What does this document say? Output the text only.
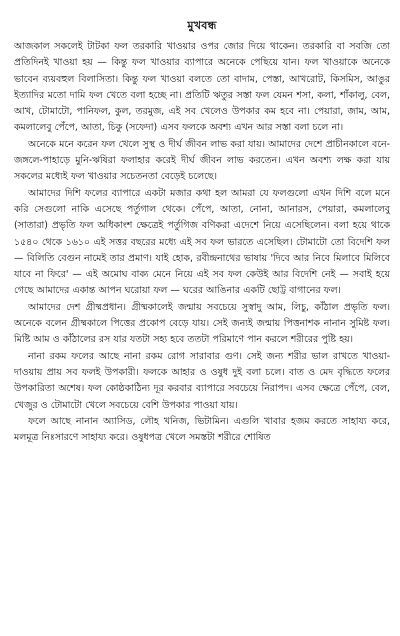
মুখবন্ধ

আজকাল সকলেই টাটকা ফল তরকারি খাওয়ার ওপর জোর দিয়ে থাকেন। তরকারি বা সবজি তো প্রতিদিনই খাওয়া হয় — কিন্তু ফল খাওয়ার ব্যাপারে অনেকে পেছিয়ে যান। ফল খাওয়াকে অনেকে ভাবেন ব্যয়বহুল বিলাসিতা। কিন্তু ফল খাওয়া বলতে তো বাদাম, পেস্তা, আখরোট, কিসমিস, আঙুর ইত্যাদির মতো দামি ফল খেতে বলা হচ্ছে না। প্রতিটি ঋতুর সস্তা ফল যেমন শসা, কলা, শাঁকালু, বেল, আখ, টোমাটো, পানিফল, কুল, তরমুজ, এই সব খেলেও উপকার কম হবে না। পেয়ারা, জাম, আম, কমলালেবু পেঁপে, আতা, চিকু (সফেদা) এসব ফলকে অবশ্য এখন আর সস্তা বলা চলে না।

অনেকে মনে করেন ফল খেলে সুস্থ ও দীর্ঘ জীবন লাভ করা যায়। আমাদের দেশে প্রাচীনকালে বনে-জঙ্গলে-পাহাড়ে মুনি-ঋষিরা ফলাহার করেই দীর্ঘ জীবন লাভ করতেন। এখন অবশ্য লক্ষ করা যায় সকলের মধ্যেই ফল খাওয়ার সচেতনতা বেড়েই চলেছে।

আমাদের দিশি ফলের ব্যাপারে একটা মজার কথা হল আমরা যে ফলগুলো এখন দিশি বলে মনে করি সেগুলো নাকি এসেছে পর্তুগাল থেকে। পেঁপে, আতা, নোনা, আনারস, পেয়ারা, কমলালেবু (সাতারা) প্রভৃতি ফল অধিকাংশ ক্ষেত্রেই পর্তুগিজ বণিকরা এদেশে নিয়ে এসেছিলেন। বলা হয়ে থাকে ১৫৪০ থেকে ১৬১০ এই সত্তর বছরের মধ্যে এই সব ফল ভারতে এসেছিল। টোমাটো তো বিদেশি ফল — বিলিতি বেগুন নামেই তার প্রমাণ। যাই হোক, রবীন্দ্রনাথের ভাষায় 'দিবে আর নিবে মিলাবে মিলিবে যাবে না ফিরে' — এই অমোঘ বাক্য মেনে নিয়ে এই সব ফল কেউই আর বিদেশি নেই — সবাই হয়ে গেছে আমাদের একান্ত আপন ঘরোয়া ফল — ঘরের আঙিনার একটি ছোট্ট বাগানের ফল।

আমাদের দেশ গ্রীষ্মপ্রধান। গ্রীষ্মকালেই জন্মায় সবচেয়ে সুস্বাদু আম, লিচু, কাঁঠাল প্রভৃতি ফল। অনেকে বলেন গ্রীষ্মকালে পিত্তের প্রকোপ বেড়ে যায়। সেই জন্যই জন্মায় পিত্তনাশক নানান সুমিষ্ট ফল। মিষ্টি আম ও কাঁঠালের রস যার যতটা সহ্য হবে ততটা পরিমাণে পান করলে শরীরের পুষ্টি হয়।

নানা রকম ফলের আছে নানা রকম রোগ সারাবার গুণ। সেই জন্য শরীর ভাল রাখতে খাওয়া-দাওয়ায় প্রায় সব ফলই উপকারী। ফলকে আহার ও ওষুধ দুই বলা চলে। বাত ও মেদ বৃদ্ধিতে ফলের উপকারিতা অশেষ। ফল কোষ্ঠকাঠিন্য দূর করবার ব্যাপারে সবচেয়ে নিরাপদ। এসব ক্ষেত্রে পেঁপে, বেল, খেজুর ও টোমাটো খেলে সবচেয়ে বেশি উপকার পাওয়া যায়।

ফলে আছে নানান অ্যাসিড, লৌহ খনিজ, ভিটামিন। এগুলি খাবার হজম করতে সাহায্য করে, মলমূত্র নিঃসারণে সাহায্য করে। ওষুধপত্র খেলে সমস্তটা শরীরে শোষিত
